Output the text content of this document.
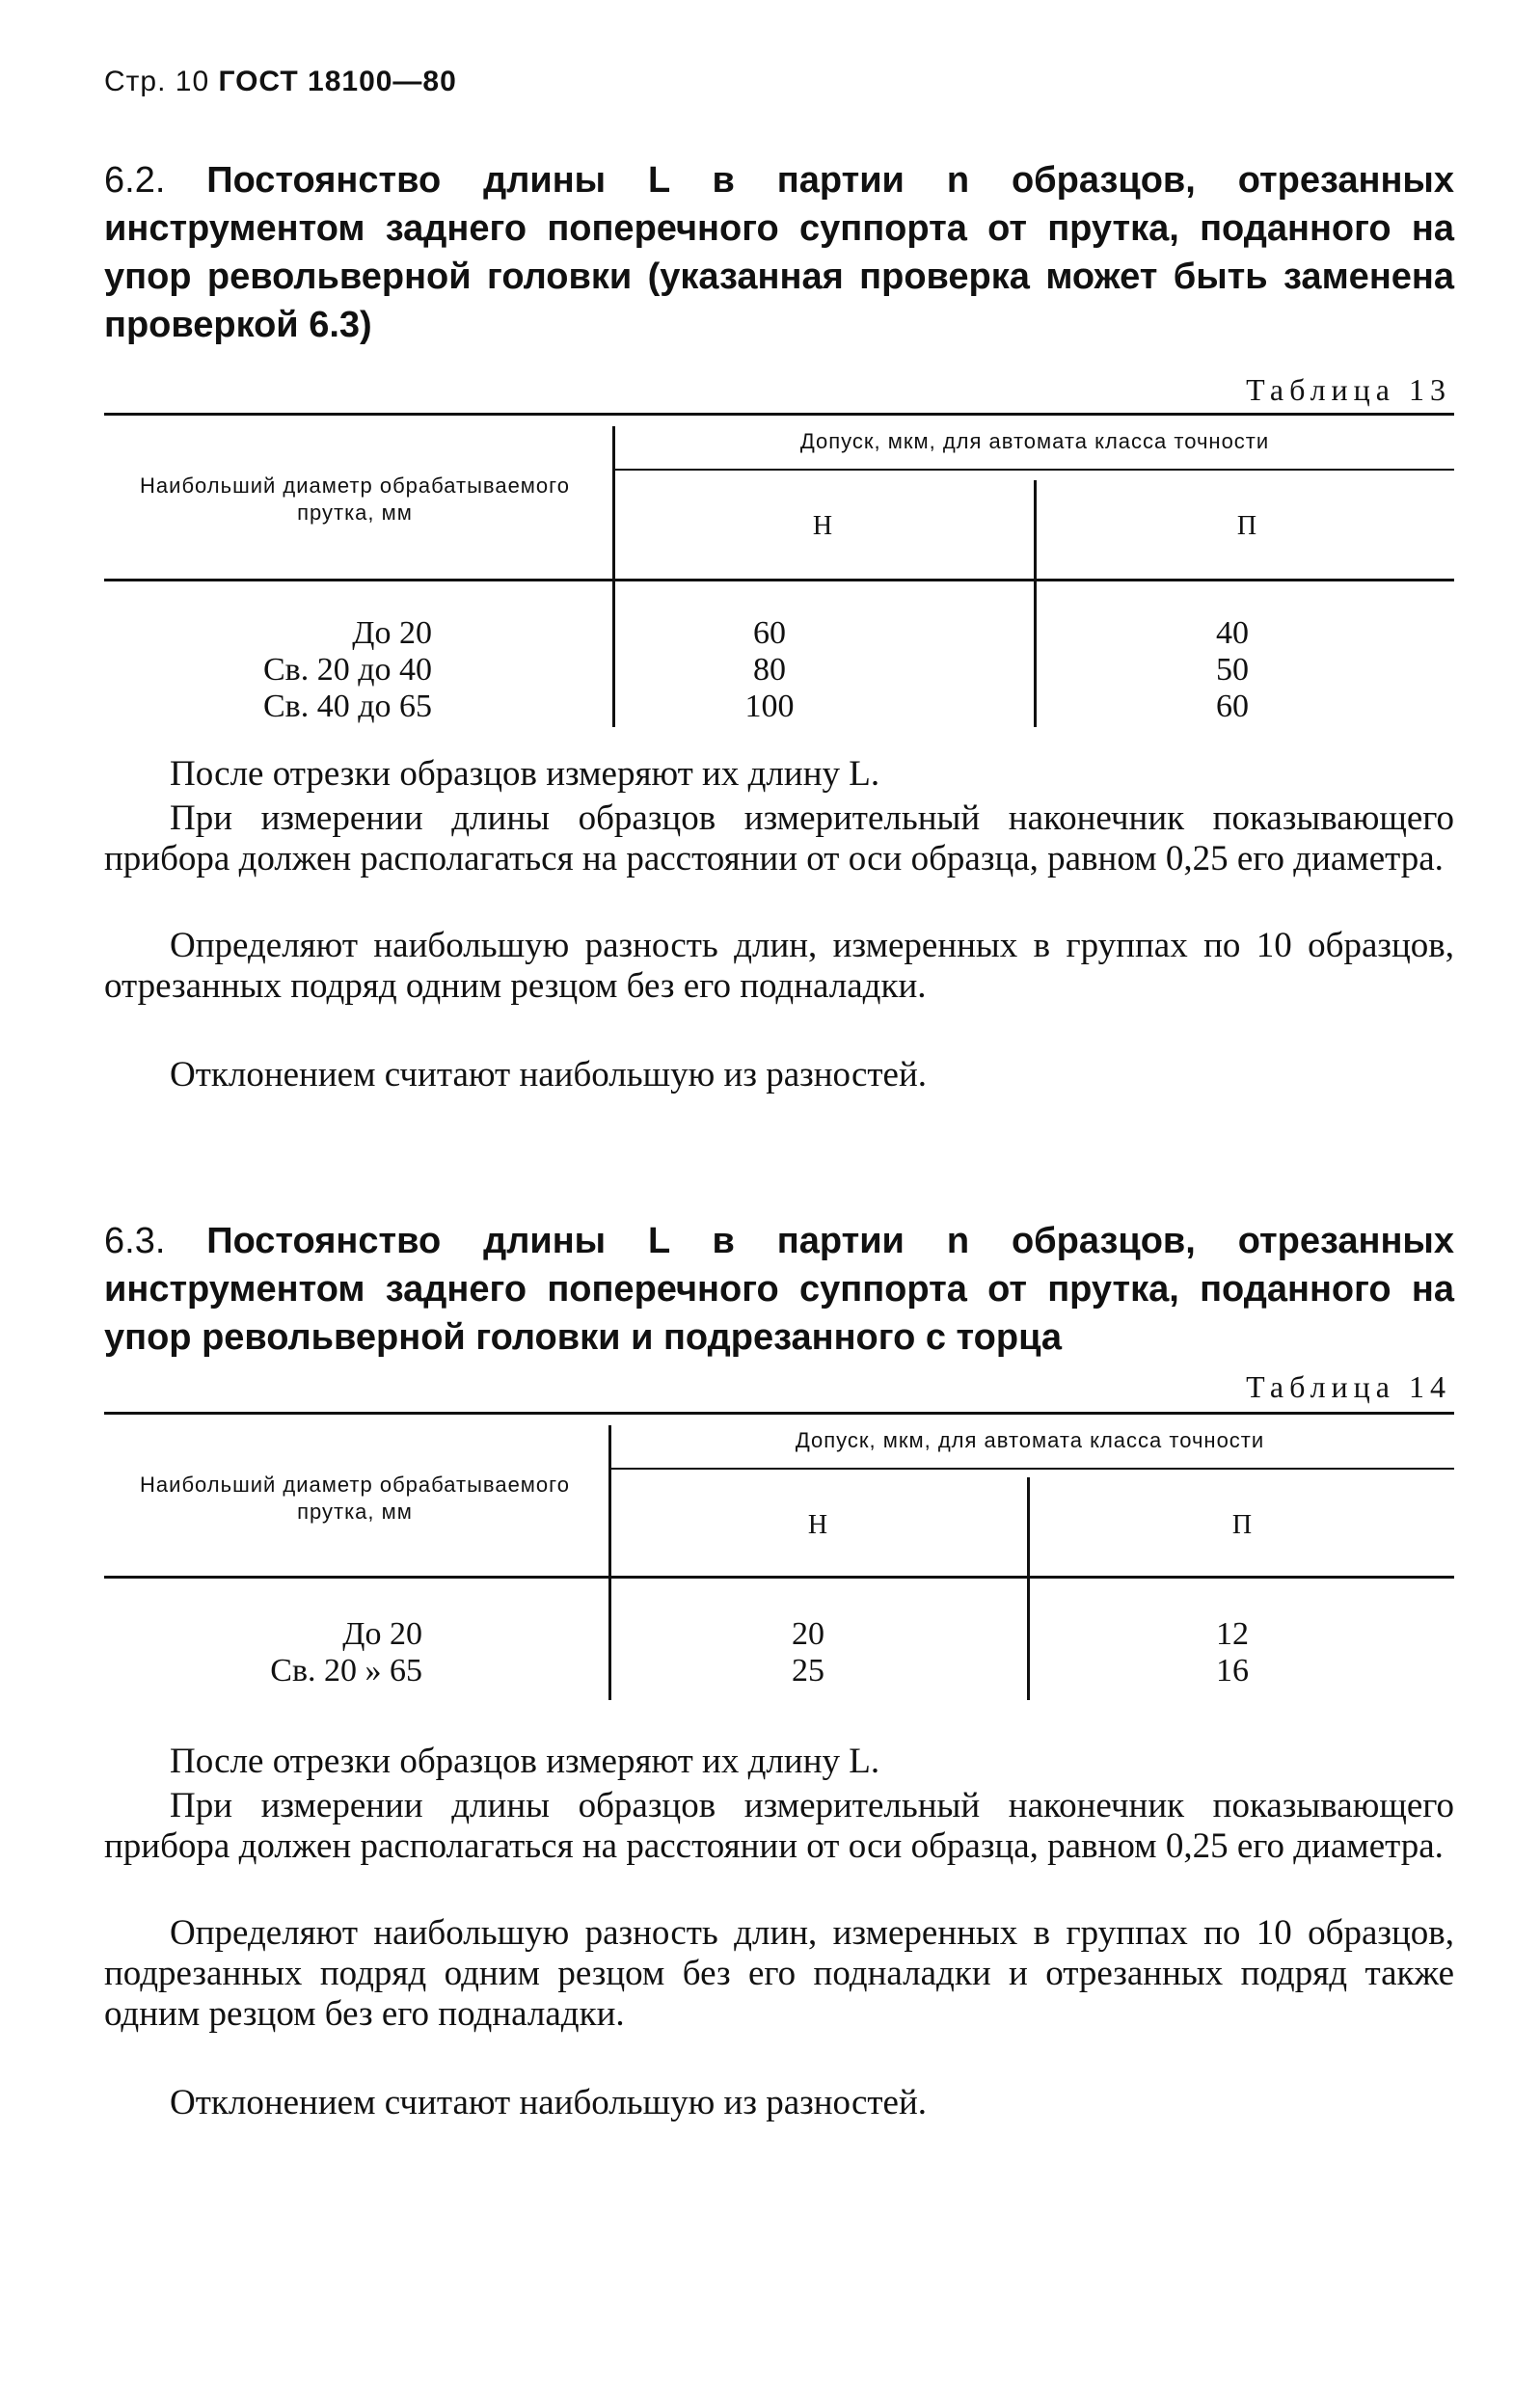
Стр. 10 ГОСТ 18100—80
6.2. Постоянство длины L в партии n образцов, отрезанных инструментом заднего поперечного суппорта от прутка, поданного на упор револьверной головки (указанная проверка может быть заменена проверкой 6.3)
Таблица 13
Наибольший диаметр обрабатываемого прутка, мм
Допуск, мкм, для автомата класса точности
Н	П
До 20
Св. 20 до 40
Св. 40 до 65
60
80
100
40
50
60
После отрезки образцов измеряют их длину L.
При измерении длины образцов измерительный наконечник показывающего прибора должен располагаться на расстоянии от оси образца, равном 0,25 его диаметра.
Определяют наибольшую разность длин, измеренных в группах по 10 образцов, отрезанных подряд одним резцом без его подналадки.
Отклонением считают наибольшую из разностей.
6.3. Постоянство длины L в партии n образцов, отрезанных инструментом заднего поперечного суппорта от прутка, поданного на упор револьверной головки и подрезанного с торца
Таблица 14
Наибольший диаметр обрабатываемого прутка, мм
Допуск, мкм, для автомата класса точности
Н	П
До 20
Св. 20 » 65
20
25
12
16
После отрезки образцов измеряют их длину L.
При измерении длины образцов измерительный наконечник показывающего прибора должен располагаться на расстоянии от оси образца, равном 0,25 его диаметра.
Определяют наибольшую разность длин, измеренных в группах по 10 образцов, подрезанных подряд одним резцом без его подналадки и отрезанных подряд также одним резцом без его подналадки.
Отклонением считают наибольшую из разностей.
